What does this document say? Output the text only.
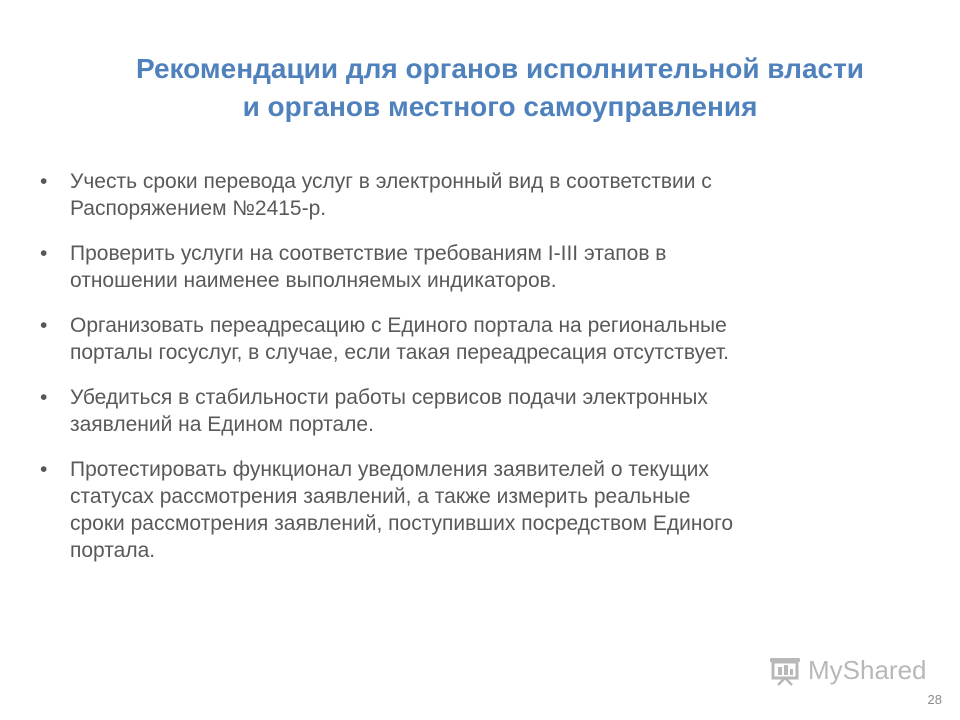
Рекомендации для органов исполнительной власти
и органов местного самоуправления
• Учесть сроки перевода услуг в электронный вид в соответствии с
Распоряжением №2415-р.
• Проверить услуги на соответствие требованиям I-III этапов в
отношении наименее выполняемых индикаторов.
• Организовать переадресацию с Единого портала на региональные
порталы госуслуг, в случае, если такая переадресация отсутствует.
• Убедиться в стабильности работы сервисов подачи электронных
заявлений на Едином портале.
• Протестировать функционал уведомления заявителей о текущих
статусах рассмотрения заявлений, а также измерить реальные
сроки рассмотрения заявлений, поступивших посредством Единого
портала.
MyShared
28
